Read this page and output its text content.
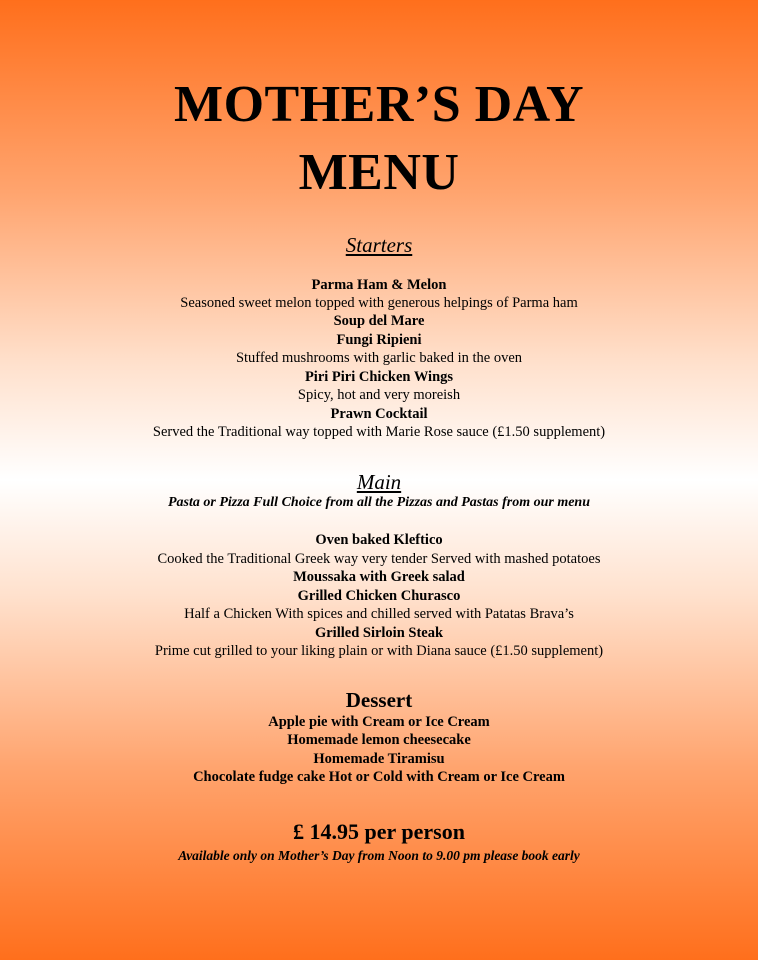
MOTHER’S DAY
MENU
Starters
Parma Ham & Melon
Seasoned sweet melon topped with generous helpings of Parma ham
Soup del Mare
Fungi Ripieni
Stuffed mushrooms with garlic baked in the oven
Piri Piri Chicken Wings
Spicy, hot and very moreish
Prawn Cocktail
Served the Traditional way topped with Marie Rose sauce (£1.50 supplement)
Main
Pasta or Pizza Full Choice from all the Pizzas and Pastas from our menu
Oven baked Kleftico
Cooked the Traditional Greek way very tender Served with mashed potatoes
Moussaka with Greek salad
Grilled Chicken Churasco
Half a Chicken With spices and chilled served with Patatas Brava’s
Grilled Sirloin Steak
Prime cut grilled to your liking plain or with Diana sauce (£1.50 supplement)
Dessert
Apple pie with Cream or Ice Cream
Homemade lemon cheesecake
Homemade Tiramisu
Chocolate fudge cake Hot or Cold with Cream or Ice Cream
£ 14.95 per person
Available only on Mother’s Day from Noon to 9.00 pm please book early
